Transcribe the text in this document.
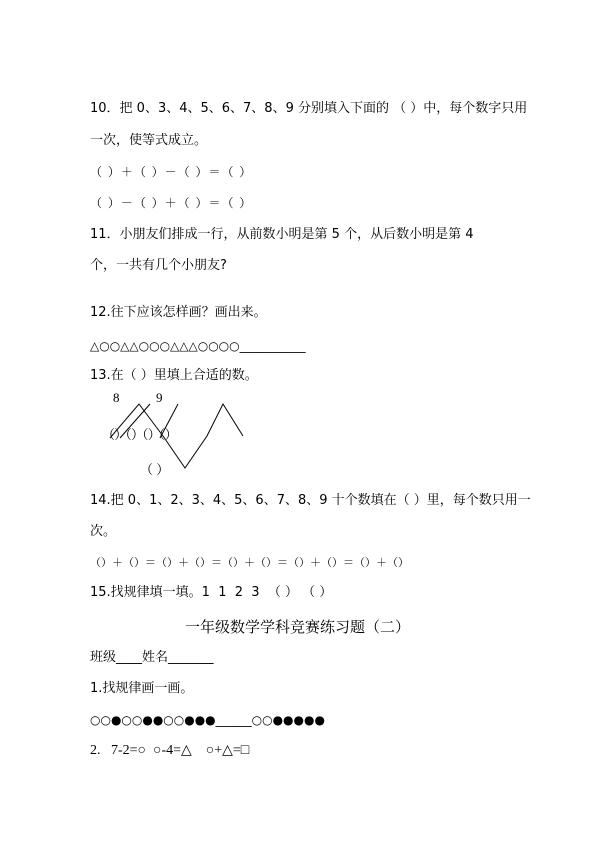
10．把 0、3、4、5、6、7、8、9 分别填入下面的 （ ）中，每个数字只用
一次，使等式成立。
（ ）＋（ ）－（ ）＝（ ）
（ ）－（ ）＋（ ）＝（ ）
11．小朋友们排成一行，从前数小明是第 5 个，从后数小明是第 4
个，一共有几个小朋友?
12.往下应该怎样画？画出来。
△○○△△○○○△△△○○○○___________
13.在（ ）里填上合适的数。
8	9
（ ）（ ）（ ）（ ）
（ ）
14.把 0、1、2、3、4、5、6、7、8、9 十个数填在（ ）里，每个数只用一
次。
（）＋（）＝（）＋（）＝（）＋（）＝（）＋（）＝（）＋（）
15.找规律填一填。1  1  2  3  （ ） （ ）
一年级数学学科竞赛练习题（二）
班级____姓名_______
1.找规律画一画。
○○●○○●●○○●●●______○○●●●●●
2.   7-2=○  ○-4=△    ○+△=□
